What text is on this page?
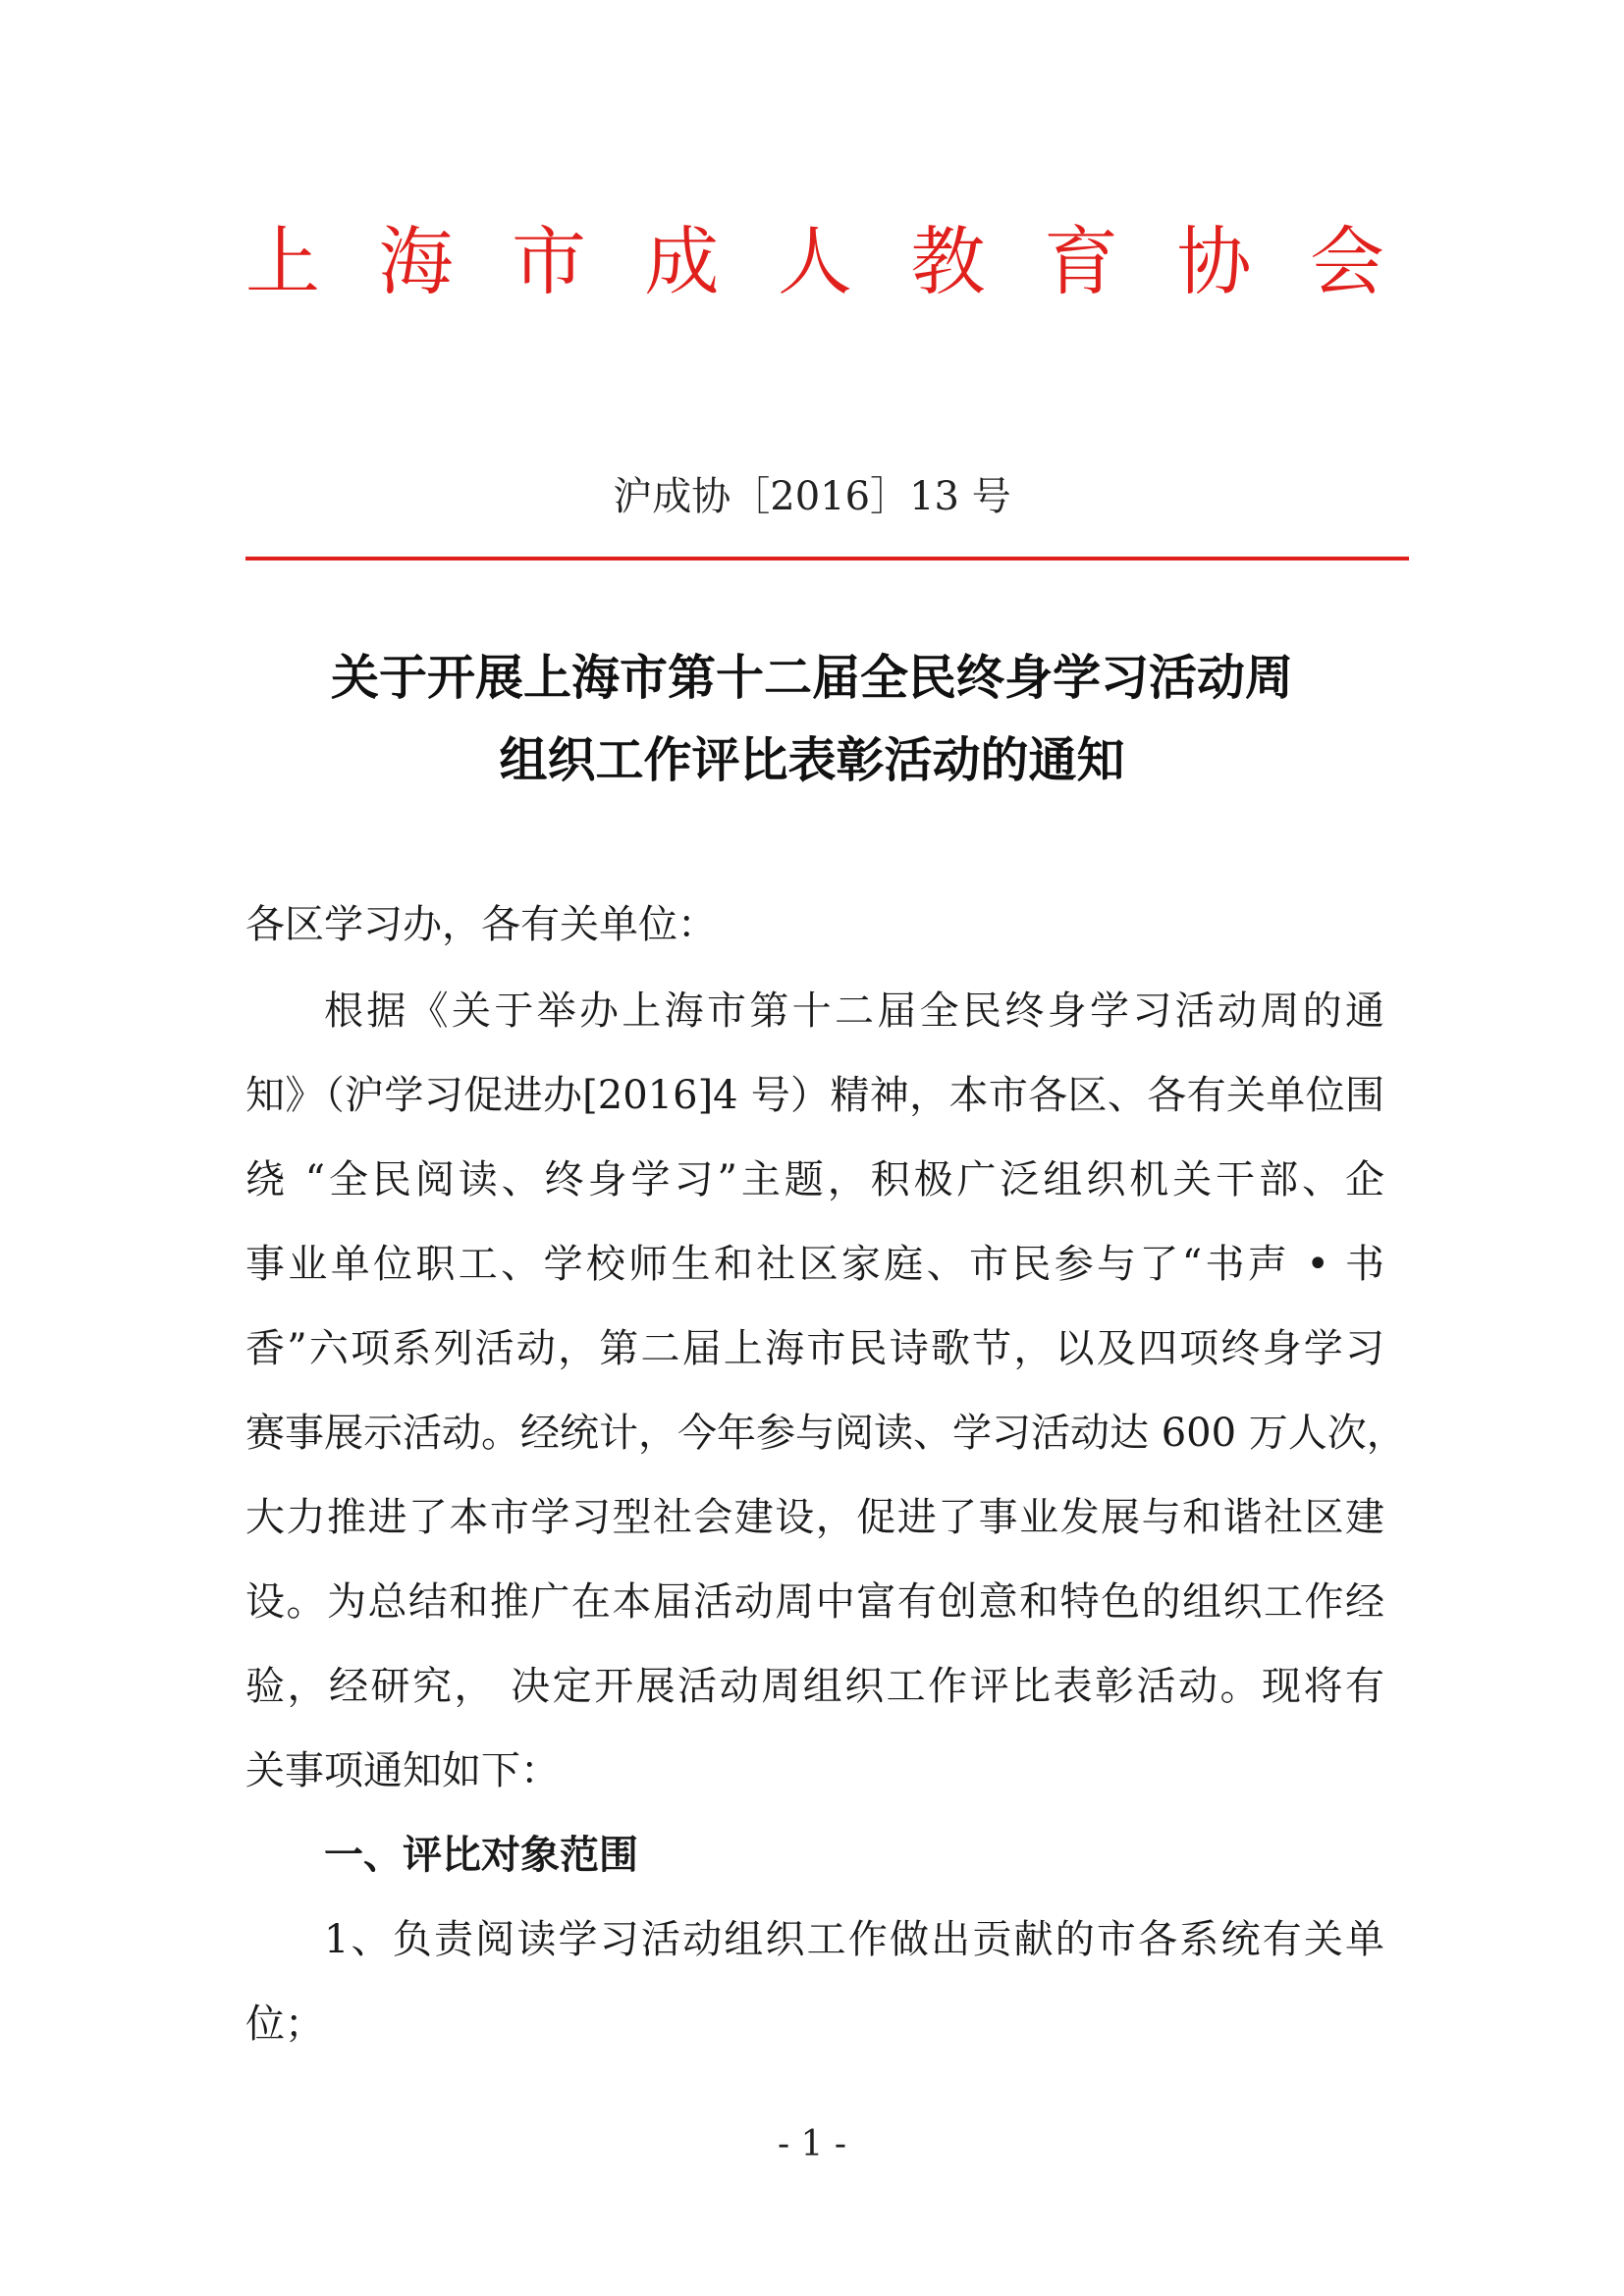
上 海 市 成 人 教 育 协 会
沪成协［2016］13 号
关于开展上海市第十二届全民终身学习活动周
组织工作评比表彰活动的通知
各区学习办，各有关单位：
根据《关于举办上海市第十二届全民终身学习活动周的通
知》（沪学习促进办[2016]4 号）精神，本市各区、各有关单位围
绕 “全民阅读、终身学习”主题，积极广泛组织机关干部、企
事业单位职工、学校师生和社区家庭、市民参与了“书声 • 书
香”六项系列活动，第二届上海市民诗歌节，以及四项终身学习
赛事展示活动。经统计，今年参与阅读、学习活动达 600 万人次，
大力推进了本市学习型社会建设，促进了事业发展与和谐社区建
设。为总结和推广在本届活动周中富有创意和特色的组织工作经
验，经研究， 决定开展活动周组织工作评比表彰活动。现将有
关事项通知如下：
一、评比对象范围
1、负责阅读学习活动组织工作做出贡献的市各系统有关单
位；
- 1 -
